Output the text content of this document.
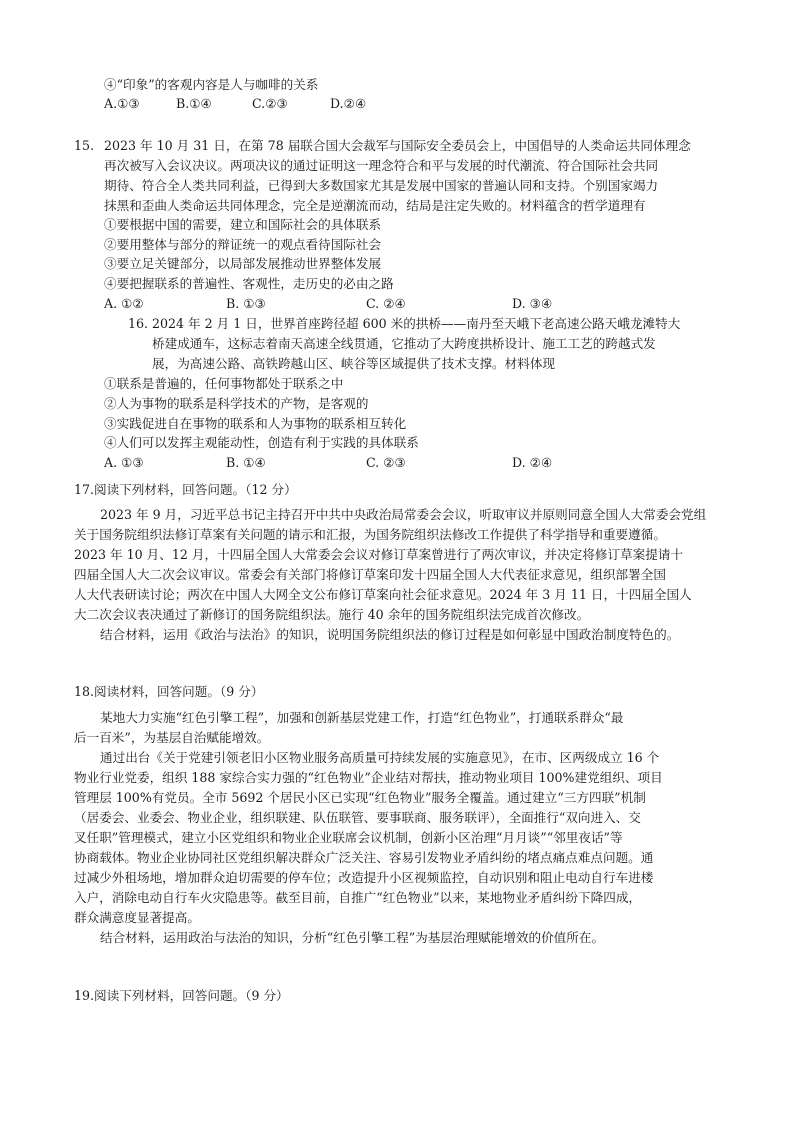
④“印象”的客观内容是人与咖啡的关系
A.①③	B.①④	C.②③	D.②④
15. 2023 年 10 月 31 日，在第 78 届联合国大会裁军与国际安全委员会上，中国倡导的人类命运共同体理念
再次被写入会议决议。两项决议的通过证明这一理念符合和平与发展的时代潮流、符合国际社会共同
期待、符合全人类共同利益，已得到大多数国家尤其是发展中国家的普遍认同和支持。个别国家竭力
抹黑和歪曲人类命运共同体理念，完全是逆潮流而动，结局是注定失败的。材料蕴含的哲学道理有
①要根据中国的需要，建立和国际社会的具体联系
②要用整体与部分的辩证统一的观点看待国际社会
③要立足关键部分，以局部发展推动世界整体发展
④要把握联系的普遍性、客观性，走历史的必由之路
A. ①②	B. ①③	C. ②④	D. ③④
16. 2024 年 2 月 1 日，世界首座跨径超 600 米的拱桥——南丹至天峨下老高速公路天峨龙滩特大
桥建成通车，这标志着南天高速全线贯通，它推动了大跨度拱桥设计、施工工艺的跨越式发
展，为高速公路、高铁跨越山区、峡谷等区域提供了技术支撑。材料体现
①联系是普遍的，任何事物都处于联系之中
②人为事物的联系是科学技术的产物，是客观的
③实践促进自在事物的联系和人为事物的联系相互转化
④人们可以发挥主观能动性，创造有利于实践的具体联系
A. ①③	B. ①④	C. ②③	D. ②④
17.阅读下列材料，回答问题。（12 分）
2023 年 9 月，习近平总书记主持召开中共中央政治局常委会会议，听取审议并原则同意全国人大常委会党组
关于国务院组织法修订草案有关问题的请示和汇报，为国务院组织法修改工作提供了科学指导和重要遵循。
2023 年 10 月、12 月，十四届全国人大常委会会议对修订草案曾进行了两次审议，并决定将修订草案提请十
四届全国人大二次会议审议。常委会有关部门将修订草案印发十四届全国人大代表征求意见，组织部署全国
人大代表研读讨论；两次在中国人大网全文公布修订草案向社会征求意见。2024 年 3 月 11 日，十四届全国人
大二次会议表决通过了新修订的国务院组织法。施行 40 余年的国务院组织法完成首次修改。
结合材料，运用《政治与法治》的知识，说明国务院组织法的修订过程是如何彰显中国政治制度特色的。
18.阅读材料，回答问题。（9 分）
某地大力实施“红色引擎工程”，加强和创新基层党建工作，打造“红色物业”，打通联系群众“最
后一百米”，为基层自治赋能增效。
通过出台《关于党建引领老旧小区物业服务高质量可持续发展的实施意见》，在市、区两级成立 16 个
物业行业党委，组织 188 家综合实力强的“红色物业”企业结对帮扶，推动物业项目 100%建党组织、项目
管理层 100%有党员。全市 5692 个居民小区已实现“红色物业”服务全覆盖。通过建立“三方四联”机制
（居委会、业委会、物业企业，组织联建、队伍联管、要事联商、服务联评），全面推行“双向进入、交
叉任职”管理模式，建立小区党组织和物业企业联席会议机制，创新小区治理“月月谈”“邻里夜话”等
协商载体。物业企业协同社区党组织解决群众广泛关注、容易引发物业矛盾纠纷的堵点痛点难点问题。通
过减少外租场地，增加群众迫切需要的停车位；改造提升小区视频监控，自动识别和阻止电动自行车进楼
入户，消除电动自行车火灾隐患等。截至目前，自推广“红色物业”以来，某地物业矛盾纠纷下降四成，
群众满意度显著提高。
结合材料，运用政治与法治的知识，分析“红色引擎工程”为基层治理赋能增效的价值所在。
19.阅读下列材料，回答问题。（9 分）
